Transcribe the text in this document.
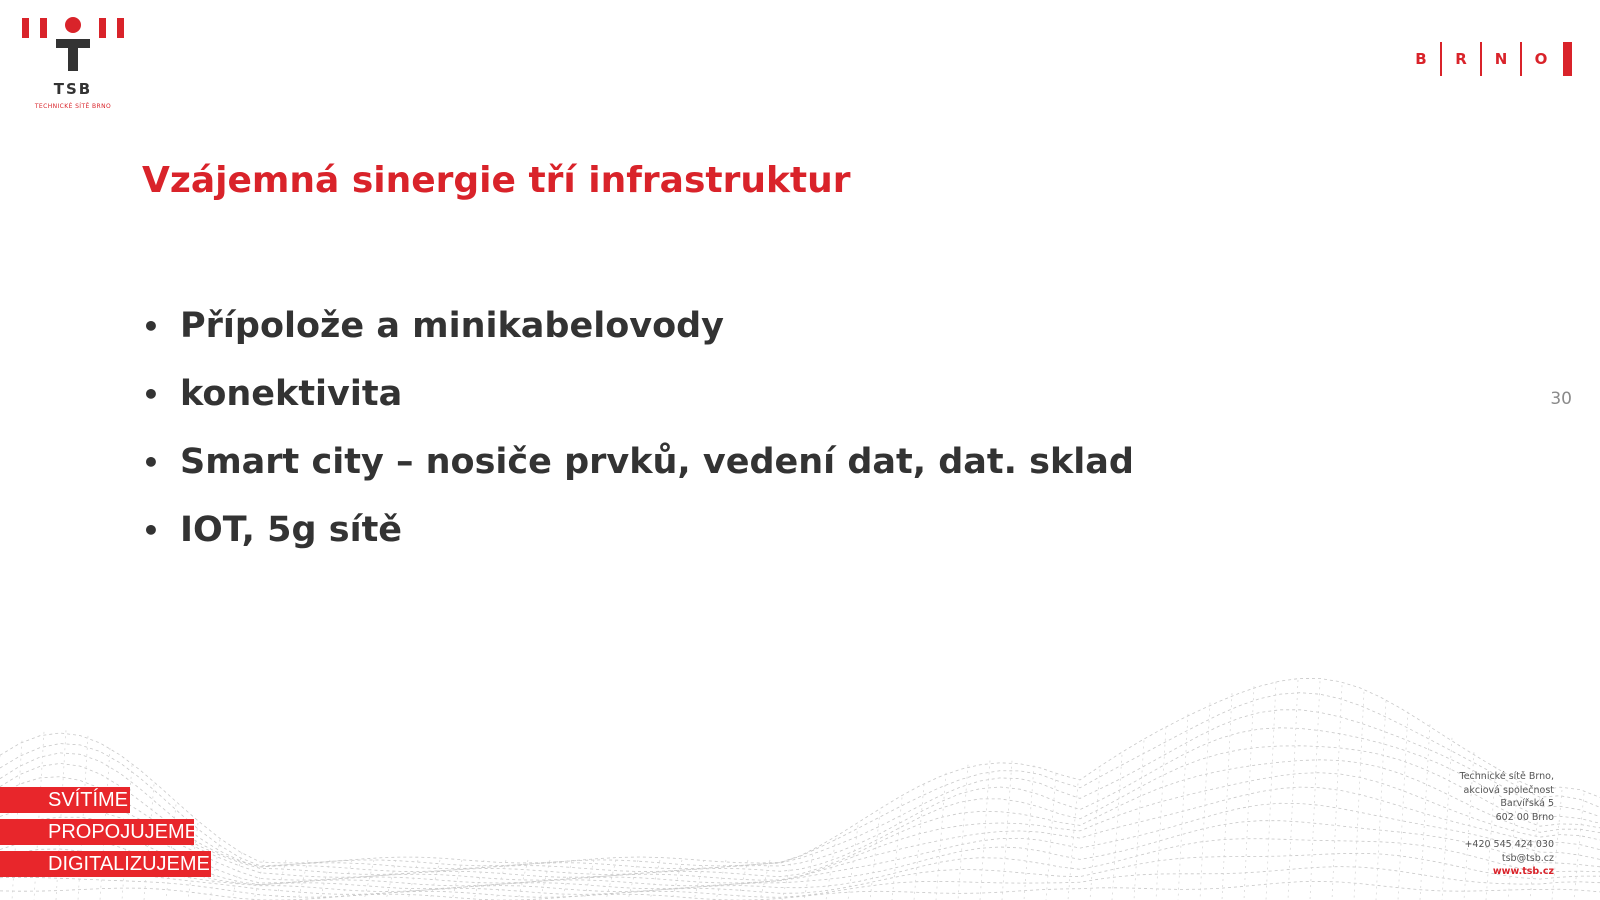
TSB
TECHNICKÉ SÍTĚ BRNO
B	R	N	O
Vzájemná sinergie tří infrastruktur
• Přípolože a minikabelovody
• konektivita
• Smart city – nosiče prvků, vedení dat, dat. sklad
• IOT, 5g sítě
30
SVÍTÍME
PROPOJUJEME
DIGITALIZUJEME
Technické sítě Brno,
akciová společnost
Barvířská 5
602 00 Brno
+420 545 424 030
tsb@tsb.cz
www.tsb.cz
